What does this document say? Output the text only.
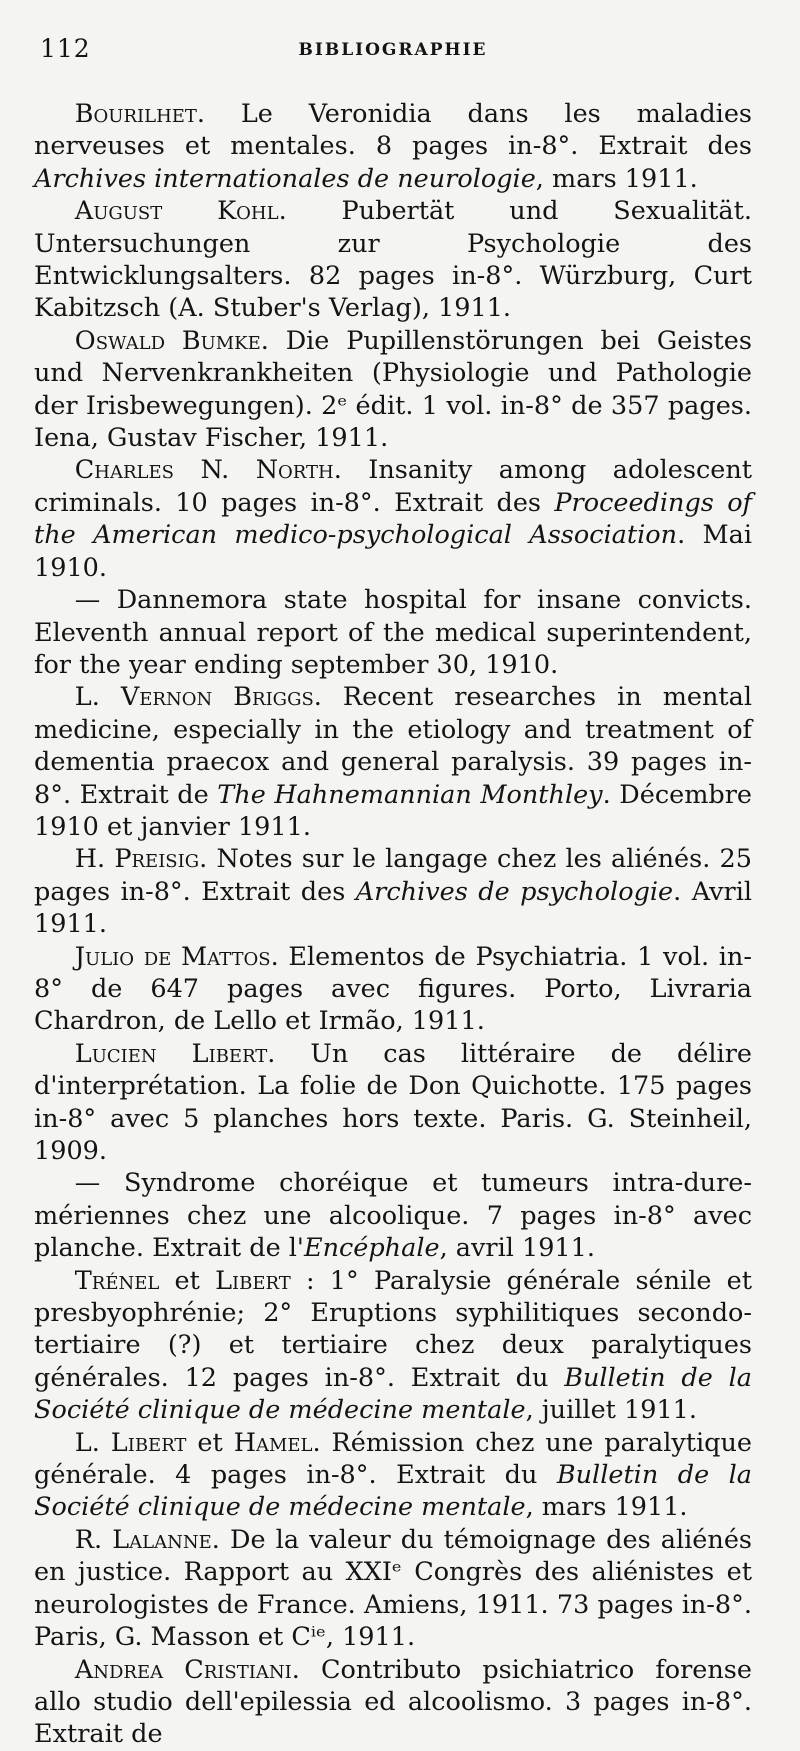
112	BIBLIOGRAPHIE

Bourilhet. Le Veronidia dans les maladies nerveuses et mentales. 8 pages in-8°. Extrait des Archives internationales de neurologie, mars 1911.

August Kohl. Pubertät und Sexualität. Untersuchungen zur Psychologie des Entwicklungsalters. 82 pages in-8°. Würzburg, Curt Kabitzsch (A. Stuber's Verlag), 1911.

Oswald Bumke. Die Pupillenstörungen bei Geistes und Nervenkrankheiten (Physiologie und Pathologie der Irisbewegungen). 2ᵉ édit. 1 vol. in-8° de 357 pages. Iena, Gustav Fischer, 1911.

Charles N. North. Insanity among adolescent criminals. 10 pages in-8°. Extrait des Proceedings of the American medico-psychological Association. Mai 1910.

— Dannemora state hospital for insane convicts. Eleventh annual report of the medical superintendent, for the year ending september 30, 1910.

L. Vernon Briggs. Recent researches in mental medicine, especially in the etiology and treatment of dementia praecox and general paralysis. 39 pages in-8°. Extrait de The Hahnemannian Monthley. Décembre 1910 et janvier 1911.

H. Preisig. Notes sur le langage chez les aliénés. 25 pages in-8°. Extrait des Archives de psychologie. Avril 1911.

Julio de Mattos. Elementos de Psychiatria. 1 vol. in-8° de 647 pages avec figures. Porto, Livraria Chardron, de Lello et Irmão, 1911.

Lucien Libert. Un cas littéraire de délire d'interprétation. La folie de Don Quichotte. 175 pages in-8° avec 5 planches hors texte. Paris. G. Steinheil, 1909.

— Syndrome choréique et tumeurs intra-dure-mériennes chez une alcoolique. 7 pages in-8° avec planche. Extrait de l'Encéphale, avril 1911.

Trénel et Libert : 1° Paralysie générale sénile et presbyophrénie; 2° Eruptions syphilitiques secondo-tertiaire (?) et tertiaire chez deux paralytiques générales. 12 pages in-8°. Extrait du Bulletin de la Société clinique de médecine mentale, juillet 1911.

L. Libert et Hamel. Rémission chez une paralytique générale. 4 pages in-8°. Extrait du Bulletin de la Société clinique de médecine mentale, mars 1911.

R. Lalanne. De la valeur du témoignage des aliénés en justice. Rapport au XXIᵉ Congrès des aliénistes et neurologistes de France. Amiens, 1911. 73 pages in-8°. Paris, G. Masson et Cⁱᵉ, 1911.

Andrea Cristiani. Contributo psichiatrico forense allo studio dell'epilessia ed alcoolismo. 3 pages in-8°. Extrait de
